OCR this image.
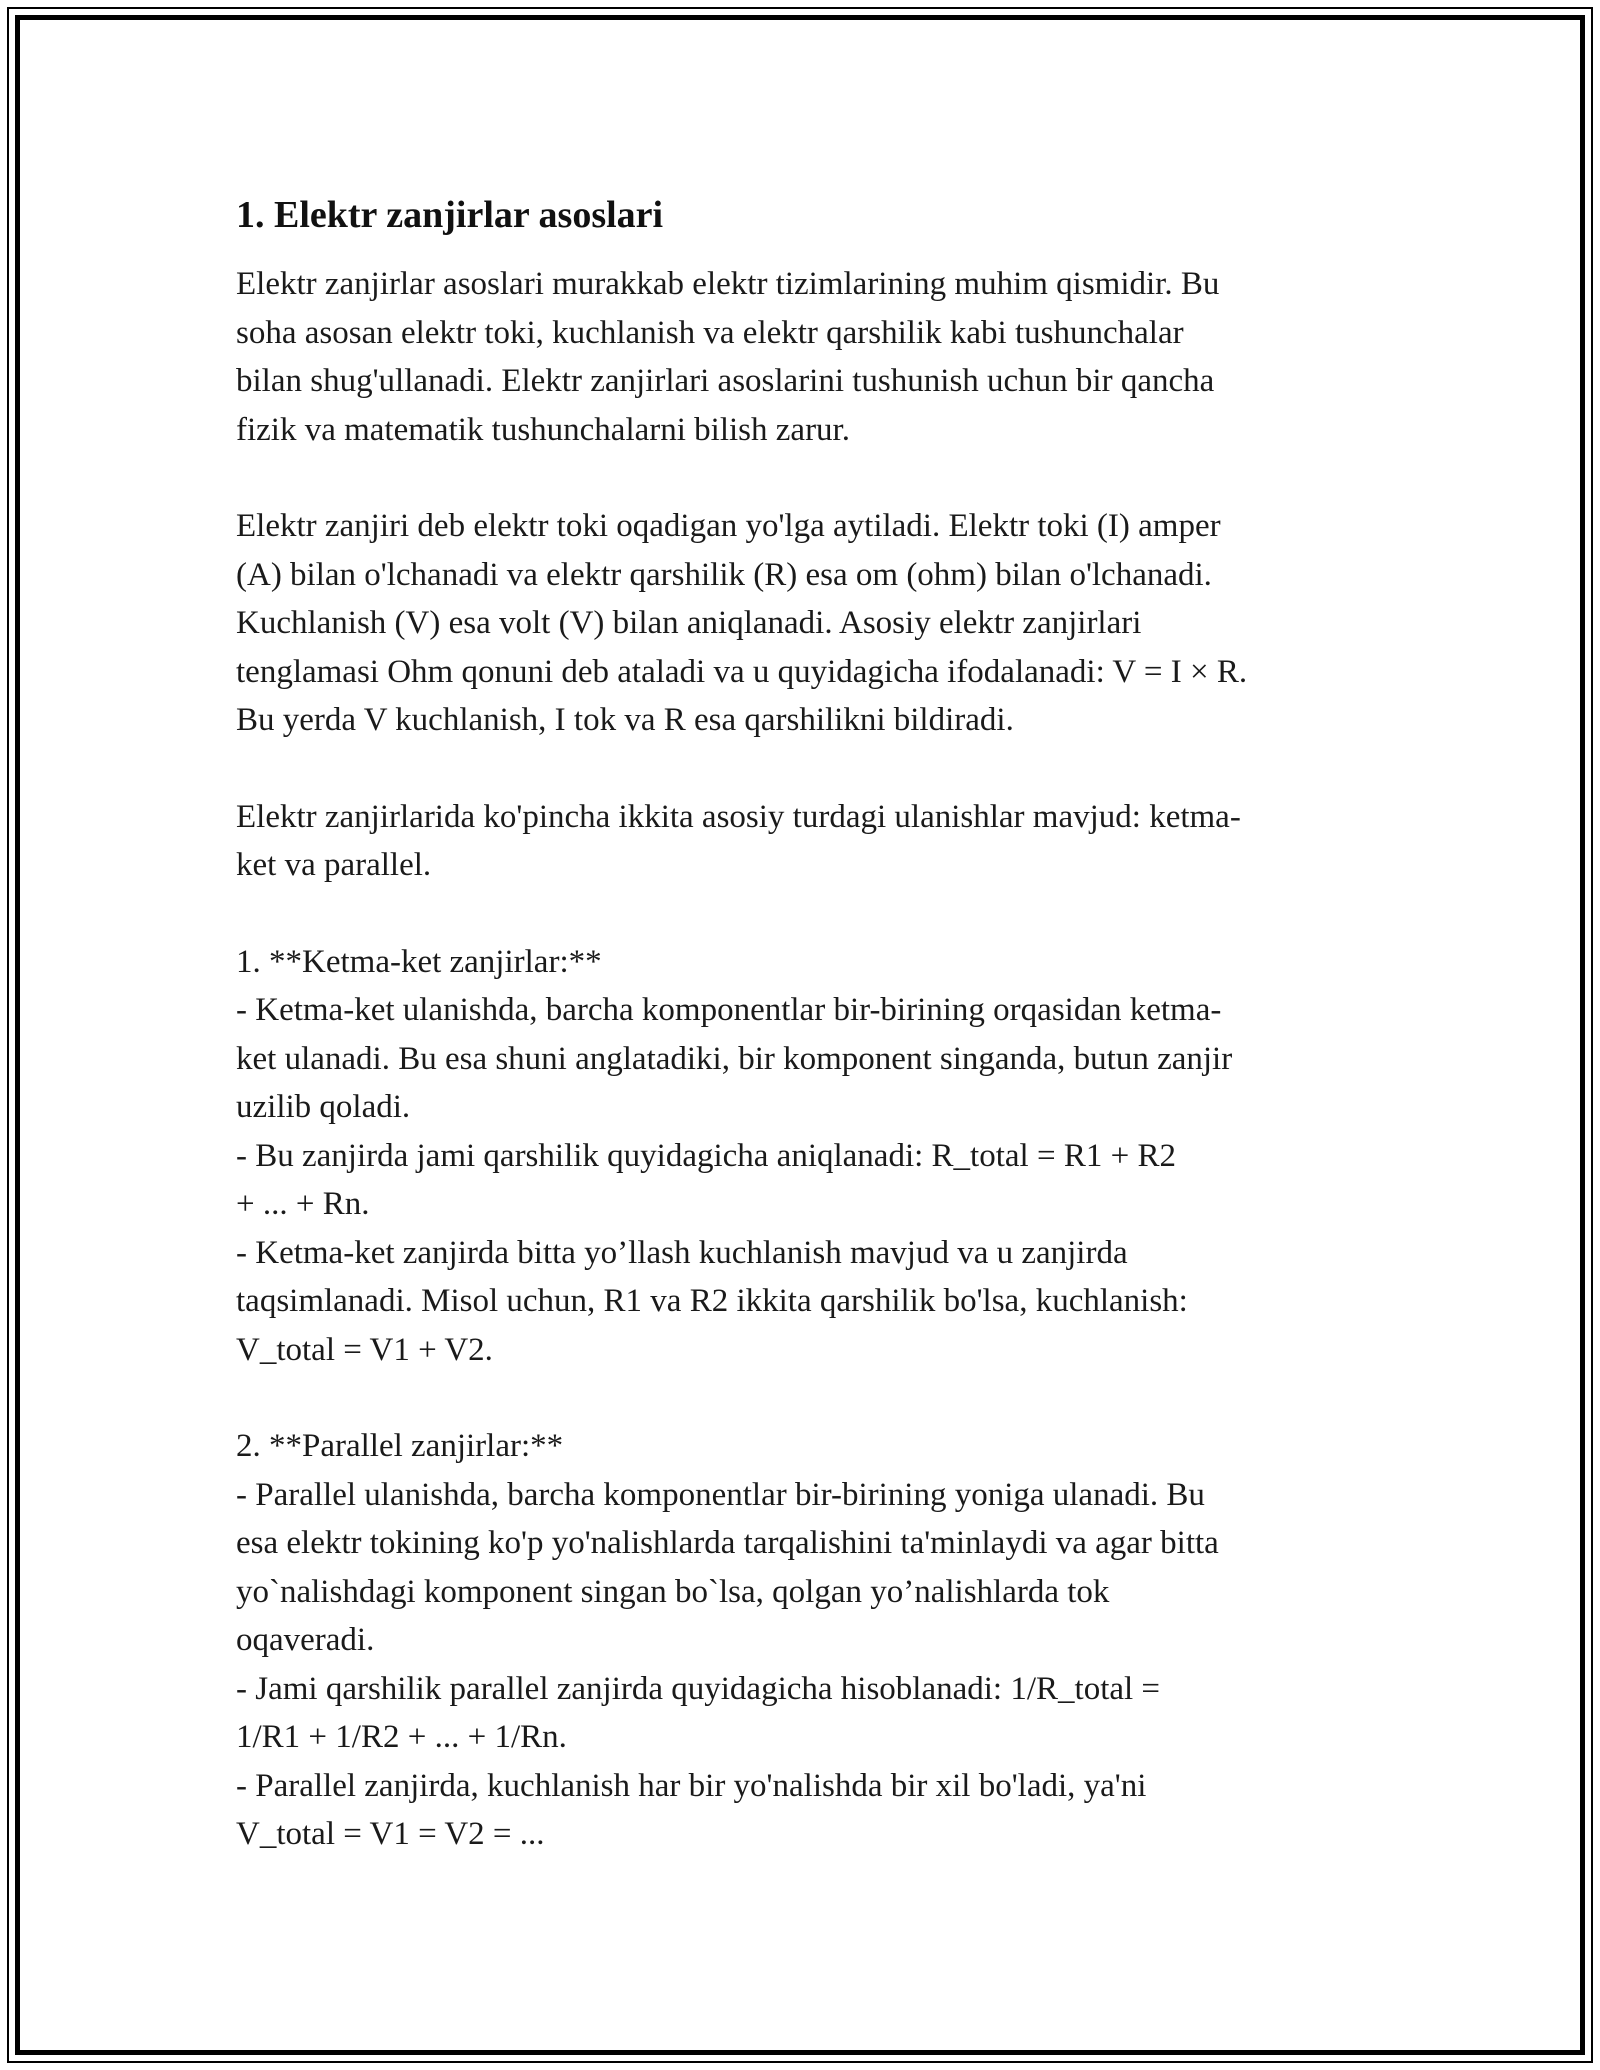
1. Elektr zanjirlar asoslari

Elektr zanjirlar asoslari murakkab elektr tizimlarining muhim qismidir. Bu
soha asosan elektr toki, kuchlanish va elektr qarshilik kabi tushunchalar
bilan shug'ullanadi. Elektr zanjirlari asoslarini tushunish uchun bir qancha
fizik va matematik tushunchalarni bilish zarur.

Elektr zanjiri deb elektr toki oqadigan yo'lga aytiladi. Elektr toki (I) amper
(A) bilan o'lchanadi va elektr qarshilik (R) esa om (ohm) bilan o'lchanadi.
Kuchlanish (V) esa volt (V) bilan aniqlanadi. Asosiy elektr zanjirlari
tenglamasi Ohm qonuni deb ataladi va u quyidagicha ifodalanadi: V = I × R.
Bu yerda V kuchlanish, I tok va R esa qarshilikni bildiradi.

Elektr zanjirlarida ko'pincha ikkita asosiy turdagi ulanishlar mavjud: ketma-
ket va parallel.

1. **Ketma-ket zanjirlar:**
- Ketma-ket ulanishda, barcha komponentlar bir-birining orqasidan ketma-
ket ulanadi. Bu esa shuni anglatadiki, bir komponent singanda, butun zanjir
uzilib qoladi.
- Bu zanjirda jami qarshilik quyidagicha aniqlanadi: R_total = R1 + R2
+ ... + Rn.
- Ketma-ket zanjirda bitta yo’llash kuchlanish mavjud va u zanjirda
taqsimlanadi. Misol uchun, R1 va R2 ikkita qarshilik bo'lsa, kuchlanish:
V_total = V1 + V2.

2. **Parallel zanjirlar:**
- Parallel ulanishda, barcha komponentlar bir-birining yoniga ulanadi. Bu
esa elektr tokining ko'p yo'nalishlarda tarqalishini ta'minlaydi va agar bitta
yo`nalishdagi komponent singan bo`lsa, qolgan yo’nalishlarda tok
oqaveradi.
- Jami qarshilik parallel zanjirda quyidagicha hisoblanadi: 1/R_total =
1/R1 + 1/R2 + ... + 1/Rn.
- Parallel zanjirda, kuchlanish har bir yo'nalishda bir xil bo'ladi, ya'ni
V_total = V1 = V2 = ...
